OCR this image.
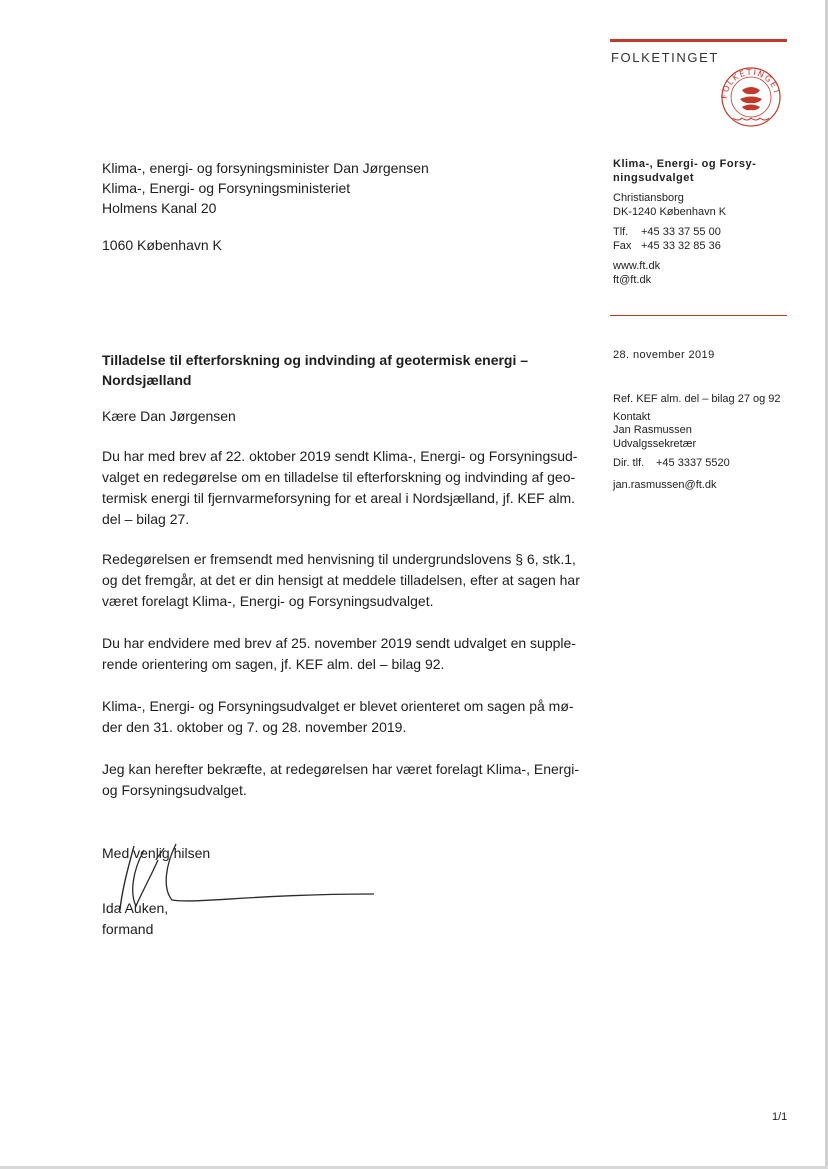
FOLKETINGET
FOLKETINGET
Klima-, Energi- og Forsy-
ningsudvalget
Christiansborg
DK-1240 København K
Tlf.	+45 33 37 55 00
Fax +45 33 32 85 36
www.ft.dk
ft@ft.dk
28. november 2019
Ref. KEF alm. del – bilag 27 og 92
Kontakt
Jan Rasmussen
Udvalgssekretær
Dir. tlf.	+45 3337 5520
jan.rasmussen@ft.dk
Klima-, energi- og forsyningsminister Dan Jørgensen
Klima-, Energi- og Forsyningsministeriet
Holmens Kanal 20
1060 København K
Tilladelse til efterforskning og indvinding af geotermisk energi –
Nordsjælland

Kære Dan Jørgensen

Du har med brev af 22. oktober 2019 sendt Klima-, Energi- og Forsyningsud-
valget en redegørelse om en tilladelse til efterforskning og indvinding af geo-
termisk energi til fjernvarmeforsyning for et areal i Nordsjælland, jf. KEF alm.
del – bilag 27.
Redegørelsen er fremsendt med henvisning til undergrundslovens § 6, stk.1,
og det fremgår, at det er din hensigt at meddele tilladelsen, efter at sagen har
været forelagt Klima-, Energi- og Forsyningsudvalget.
Du har endvidere med brev af 25. november 2019 sendt udvalget en supple-
rende orientering om sagen, jf. KEF alm. del – bilag 92.
Klima-, Energi- og Forsyningsudvalget er blevet orienteret om sagen på mø-
der den 31. oktober og 7. og 28. november 2019.
Jeg kan herefter bekræfte, at redegørelsen har været forelagt Klima-, Energi-
og Forsyningsudvalget.
Med venlig hilsen
Ida Auken,
formand
1/1
